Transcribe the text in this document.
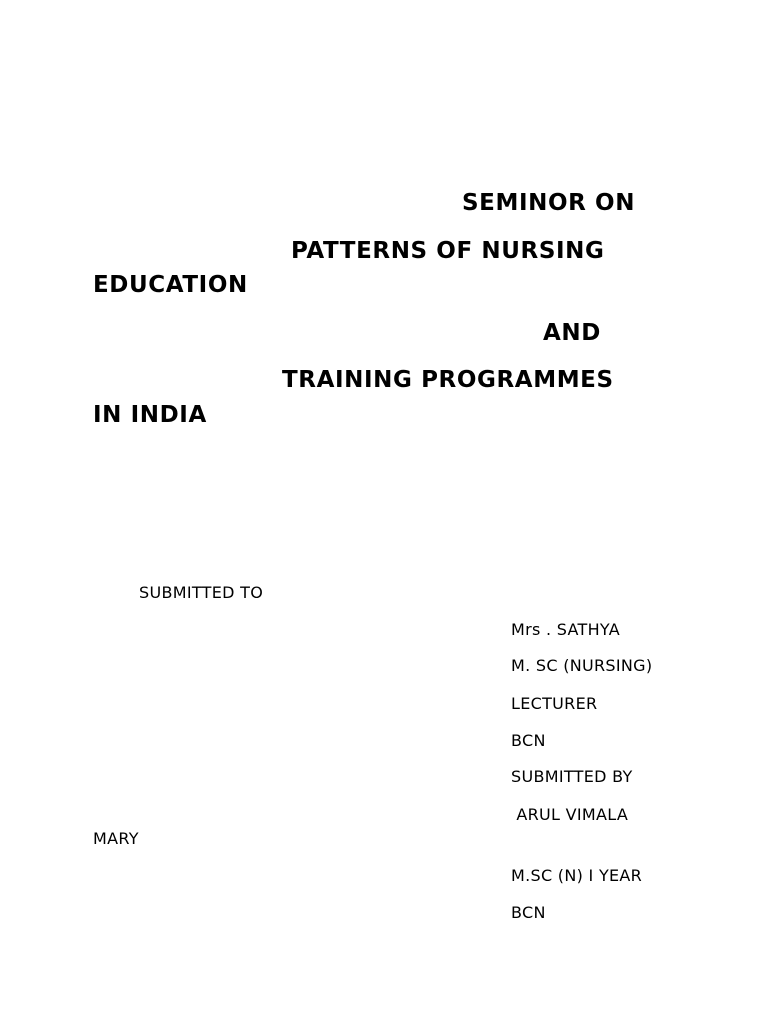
SEMINOR ON
PATTERNS OF NURSING
EDUCATION
AND
TRAINING PROGRAMMES
IN INDIA
SUBMITTED TO
Mrs . SATHYA
M. SC (NURSING)
LECTURER
BCN
SUBMITTED BY
ARUL VIMALA
MARY
M.SC (N) I YEAR
BCN
